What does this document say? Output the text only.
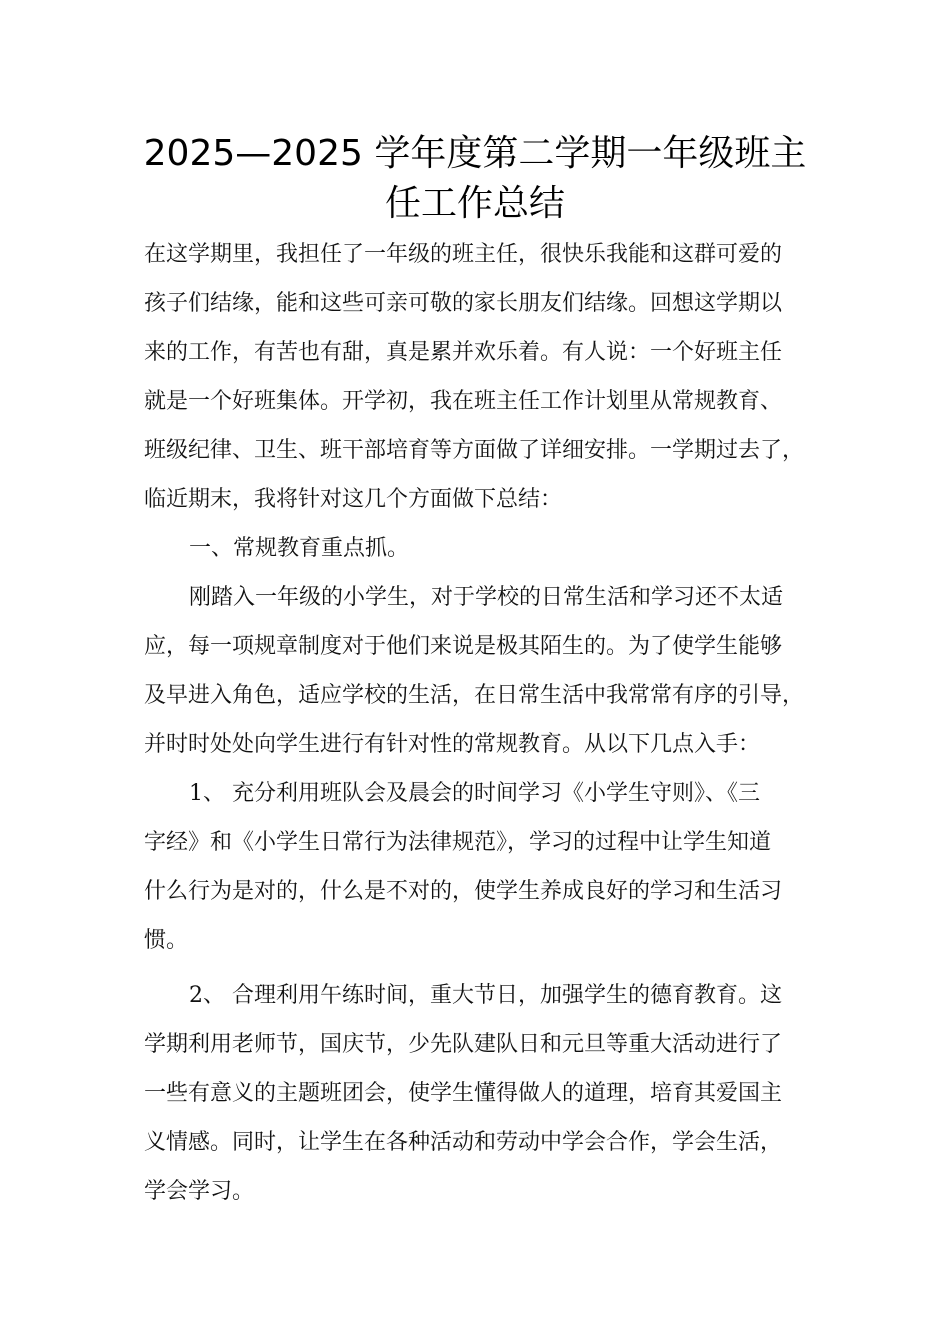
2025—2025 学年度第二学期一年级班主
任工作总结
在这学期里，我担任了一年级的班主任，很快乐我能和这群可爱的
孩子们结缘，能和这些可亲可敬的家长朋友们结缘。回想这学期以
来的工作，有苦也有甜，真是累并欢乐着。有人说：一个好班主任
就是一个好班集体。开学初，我在班主任工作计划里从常规教育、
班级纪律、卫生、班干部培育等方面做了详细安排。一学期过去了，
临近期末，我将针对这几个方面做下总结：
一、常规教育重点抓。
刚踏入一年级的小学生，对于学校的日常生活和学习还不太适
应，每一项规章制度对于他们来说是极其陌生的。为了使学生能够
及早进入角色，适应学校的生活，在日常生活中我常常有序的引导，
并时时处处向学生进行有针对性的常规教育。从以下几点入手：
1、 充分利用班队会及晨会的时间学习《小学生守则》、《三
字经》和《小学生日常行为法律规范》，学习的过程中让学生知道
什么行为是对的，什么是不对的，使学生养成良好的学习和生活习
惯。
2、 合理利用午练时间，重大节日，加强学生的德育教育。这
学期利用老师节，国庆节，少先队建队日和元旦等重大活动进行了
一些有意义的主题班团会，使学生懂得做人的道理，培育其爱国主
义情感。同时，让学生在各种活动和劳动中学会合作，学会生活，
学会学习。
